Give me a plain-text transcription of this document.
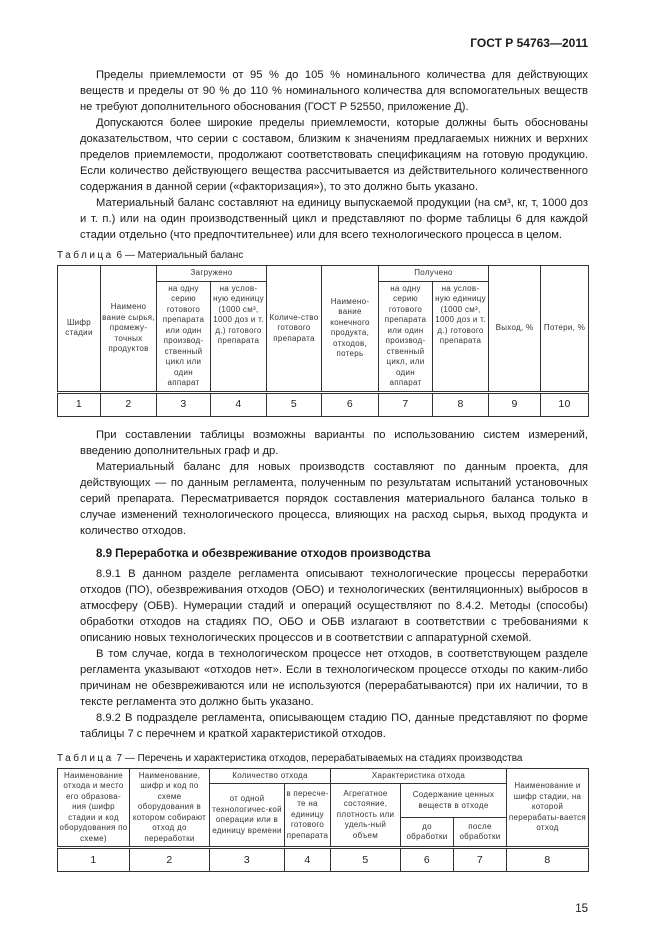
ГОСТ Р 54763—2011

Пределы приемлемости от 95 % до 105 % номинального количества для действующих веществ и пределы от 90 % до 110 % номинального количества для вспомогательных веществ не требуют дополнительного обоснования (ГОСТ Р 52550, приложение Д).

Допускаются более широкие пределы приемлемости, которые должны быть обоснованы доказательством, что серии с составом, близким к значениям предлагаемых нижних и верхних пределов приемлемости, продолжают соответствовать спецификациям на готовую продукцию. Если количество действующего вещества рассчитывается из действительного количественного содержания в данной серии («факторизация»), то это должно быть указано.

Материальный баланс составляют на единицу выпускаемой продукции (на см³, кг, т, 1000 доз и т. п.) или на один производственный цикл и представляют по форме таблицы 6 для каждой стадии отдельно (что предпочтительнее) или для всего технологического процесса в целом.

Таблица 6 — Материальный баланс
Шифр стадии	Наимено вание сырья, промежу-точных продуктов	Загружено		Количе-ство готового препарата	Наимено-вание конечного продукта, отходов, потерь	Получено		Выход, %	Потери, %
		на одну серию готового препарата или один производ-ственный цикл или один аппарат	на услов-ную единицу (1000 см³, 1000 доз и т. д.) готового препарата			на одну серию готового препарата или один производ-ственный цикл, или один аппарат	на услов-ную единицу (1000 см³, 1000 доз и т. д.) готового препарата		
1	2	3	4	5	6	7	8	9	10

При составлении таблицы возможны варианты по использованию систем измерений, введению дополнительных граф и др.

Материальный баланс для новых производств составляют по данным проекта, для действующих — по данным регламента, полученным по результатам испытаний установочных серий препарата. Пересматривается порядок составления материального баланса только в случае изменений технологического процесса, влияющих на расход сырья, выход продукта и количество отходов.

8.9 Переработка и обезвреживание отходов производства

8.9.1 В данном разделе регламента описывают технологические процессы переработки отходов (ПО), обезвреживания отходов (ОБО) и технологических (вентиляционных) выбросов в атмосферу (ОБВ). Нумерации стадий и операций осуществляют по 8.4.2. Методы (способы) обработки отходов на стадиях ПО, ОБО и ОБВ излагают в соответствии с требованиями к описанию новых технологических процессов и в соответствии с аппаратурной схемой.

В том случае, когда в технологическом процессе нет отходов, в соответствующем разделе регламента указывают «отходов нет». Если в технологическом процессе отходы по каким-либо причинам не обезвреживаются или не используются (перерабатываются) при их наличии, то в тексте регламента это должно быть указано.

8.9.2 В подразделе регламента, описывающем стадию ПО, данные представляют по форме таблицы 7 с перечнем и краткой характеристикой отходов.

Таблица 7 — Перечень и характеристика отходов, перерабатываемых на стадиях производства
Наименование отхода и место его образова-ния (шифр стадии и код оборудования по схеме)	Наименование, шифр и код по схеме оборудования в котором собирают отход до переработки	Количество отхода		Характеристика отхода			Наименование и шифр стадии, на которой перерабаты-вается отход
		от одной технологичес-кой операции или в единицу времени	в пересче-те на единицу готового препарата	Агрегатное состояние, плотность или удель-ный объем	Содержание ценных веществ в отходе		
					до обработки	после обработки	
1	2	3	4	5	6	7	8
15
